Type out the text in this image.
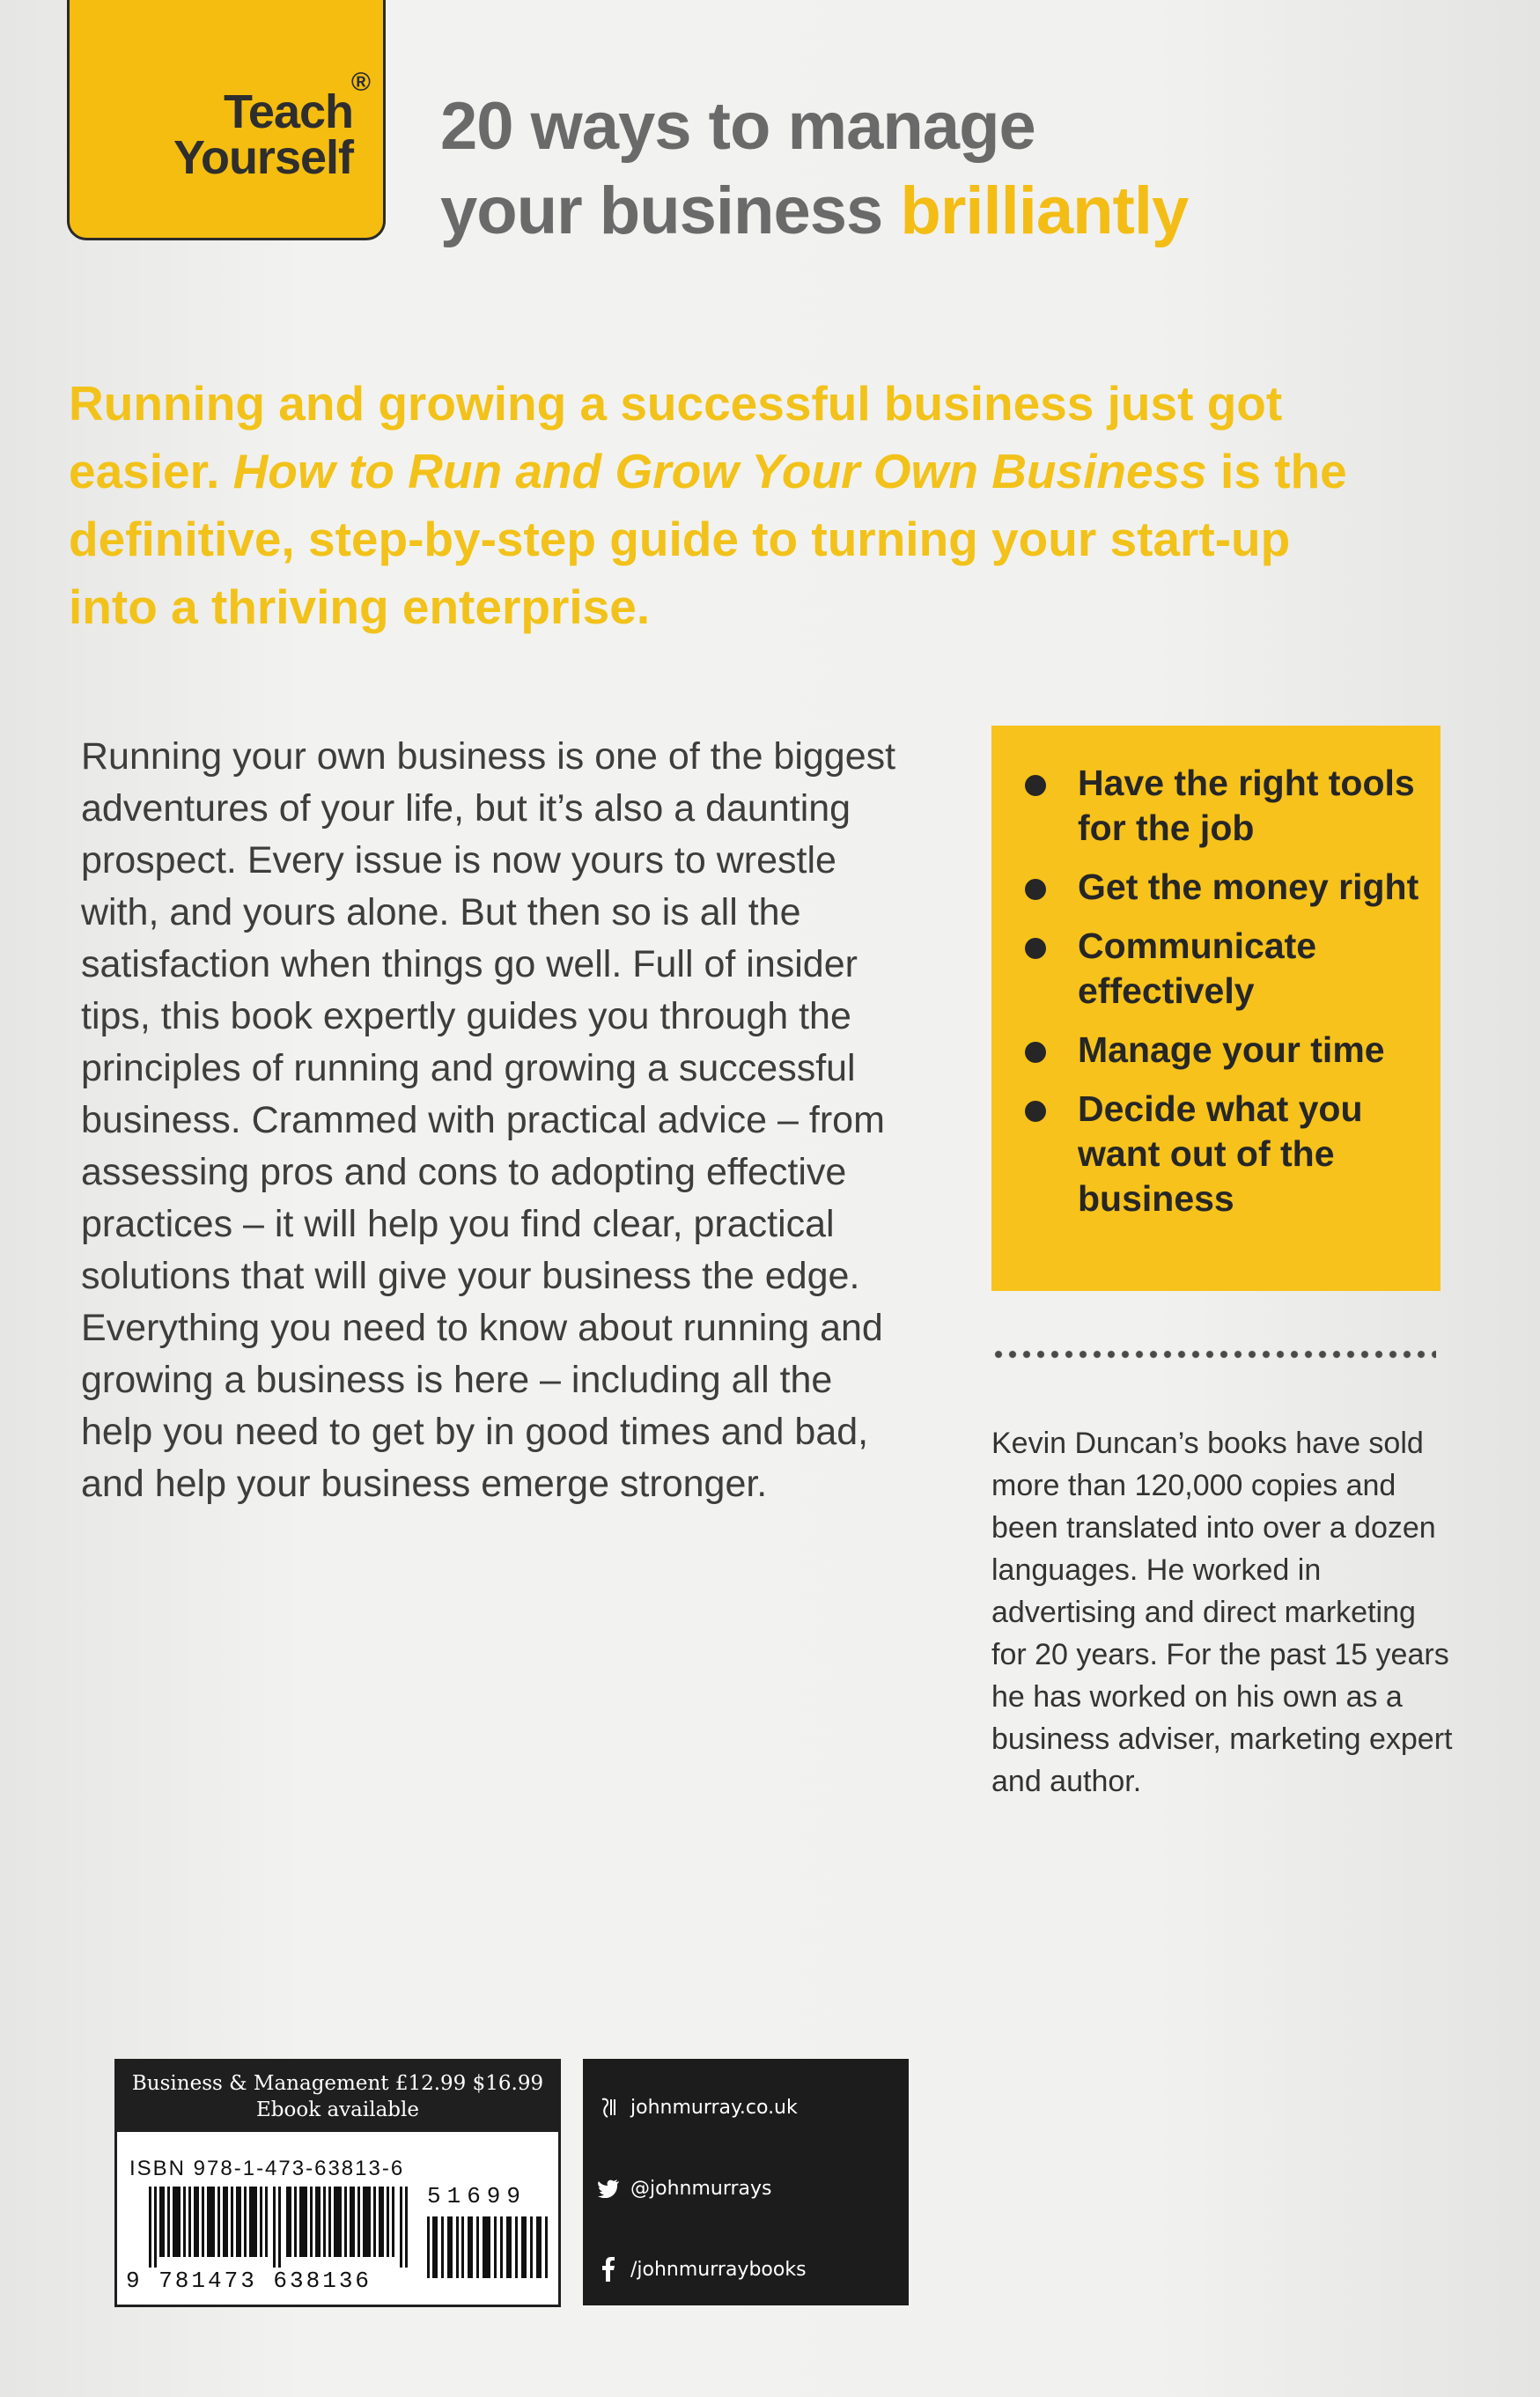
®
Teach
Yourself 20 ways to manage
your business brilliantly
Running and growing a successful business just got easier. How to Run and Grow Your Own Business is the definitive, step-by-step guide to turning your start-up into a thriving enterprise.
Running your own business is one of the biggest adventures of your life, but it’s also a daunting prospect. Every issue is now yours to wrestle with, and yours alone. But then so is all the satisfaction when things go well. Full of insider tips, this book expertly guides you through the principles of running and growing a successful business. Crammed with practical advice – from assessing pros and cons to adopting effective practices – it will help you find clear, practical solutions that will give your business the edge. Everything you need to know about running and growing a business is here – including all the help you need to get by in good times and bad, and help your business emerge stronger.
Have the right tools for the job
Get the money right
Communicate effectively
Manage your time
Decide what you want out of the business
Kevin Duncan’s books have sold more than 120,000 copies and been translated into over a dozen languages. He worked in advertising and direct marketing for 20 years. For the past 15 years he has worked on his own as a business adviser, marketing expert and author.
Business & Management £12.99 $16.99
Ebook available
ISBN 978-1-473-63813-6
51699
9 781473 638136
johnmurray.co.uk
@johnmurrays
/johnmurraybooks
